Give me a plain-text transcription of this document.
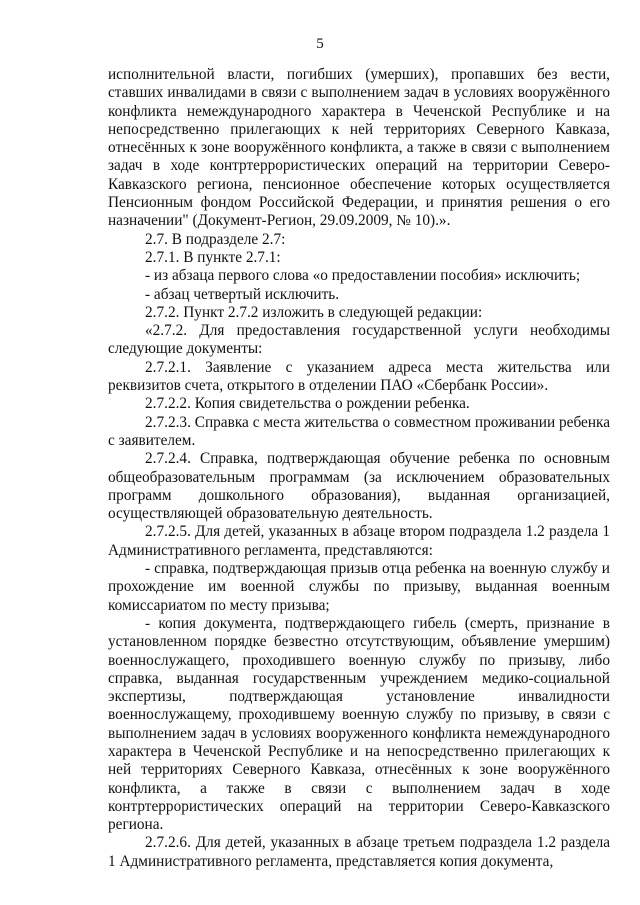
5

исполнительной власти, погибших (умерших), пропавших без вести, ставших инвалидами в связи с выполнением задач в условиях вооружённого конфликта немеждународного характера в Чеченской Республике и на непосредственно прилегающих к ней территориях Северного Кавказа, отнесённых к зоне вооружённого конфликта, а также в связи с выполнением задач в ходе контртеррористических операций на территории Северо-Кавказского региона, пенсионное обеспечение которых осуществляется Пенсионным фондом Российской Федерации, и принятия решения о его назначении" (Документ-Регион, 29.09.2009, № 10).».

2.7. В подразделе 2.7:

2.7.1. В пункте 2.7.1:

- из абзаца первого слова «о предоставлении пособия» исключить;

- абзац четвертый исключить.

2.7.2. Пункт 2.7.2 изложить в следующей редакции:

«2.7.2. Для предоставления государственной услуги необходимы следующие документы:

2.7.2.1. Заявление с указанием адреса места жительства или реквизитов счета, открытого в отделении ПАО «Сбербанк России».

2.7.2.2. Копия свидетельства о рождении ребенка.

2.7.2.3. Справка с места жительства о совместном проживании ребенка с заявителем.

2.7.2.4. Справка, подтверждающая обучение ребенка по основным общеобразовательным программам (за исключением образовательных программ дошкольного образования), выданная организацией, осуществляющей образовательную деятельность.

2.7.2.5. Для детей, указанных в абзаце втором подраздела 1.2 раздела 1 Административного регламента, представляются:

- справка, подтверждающая призыв отца ребенка на военную службу и прохождение им военной службы по призыву, выданная военным комиссариатом по месту призыва;

- копия документа, подтверждающего гибель (смерть, признание в установленном порядке безвестно отсутствующим, объявление умершим) военнослужащего, проходившего военную службу по призыву, либо справка, выданная государственным учреждением медико-социальной экспертизы, подтверждающая установление инвалидности военнослужащему, проходившему военную службу по призыву, в связи с выполнением задач в условиях вооруженного конфликта немеждународного характера в Чеченской Республике и на непосредственно прилегающих к ней территориях Северного Кавказа, отнесённых к зоне вооружённого конфликта, а также в связи с выполнением задач в ходе контртеррористических операций на территории Северо-Кавказского региона.

2.7.2.6. Для детей, указанных в абзаце третьем подраздела 1.2 раздела 1 Административного регламента, представляется копия документа,
